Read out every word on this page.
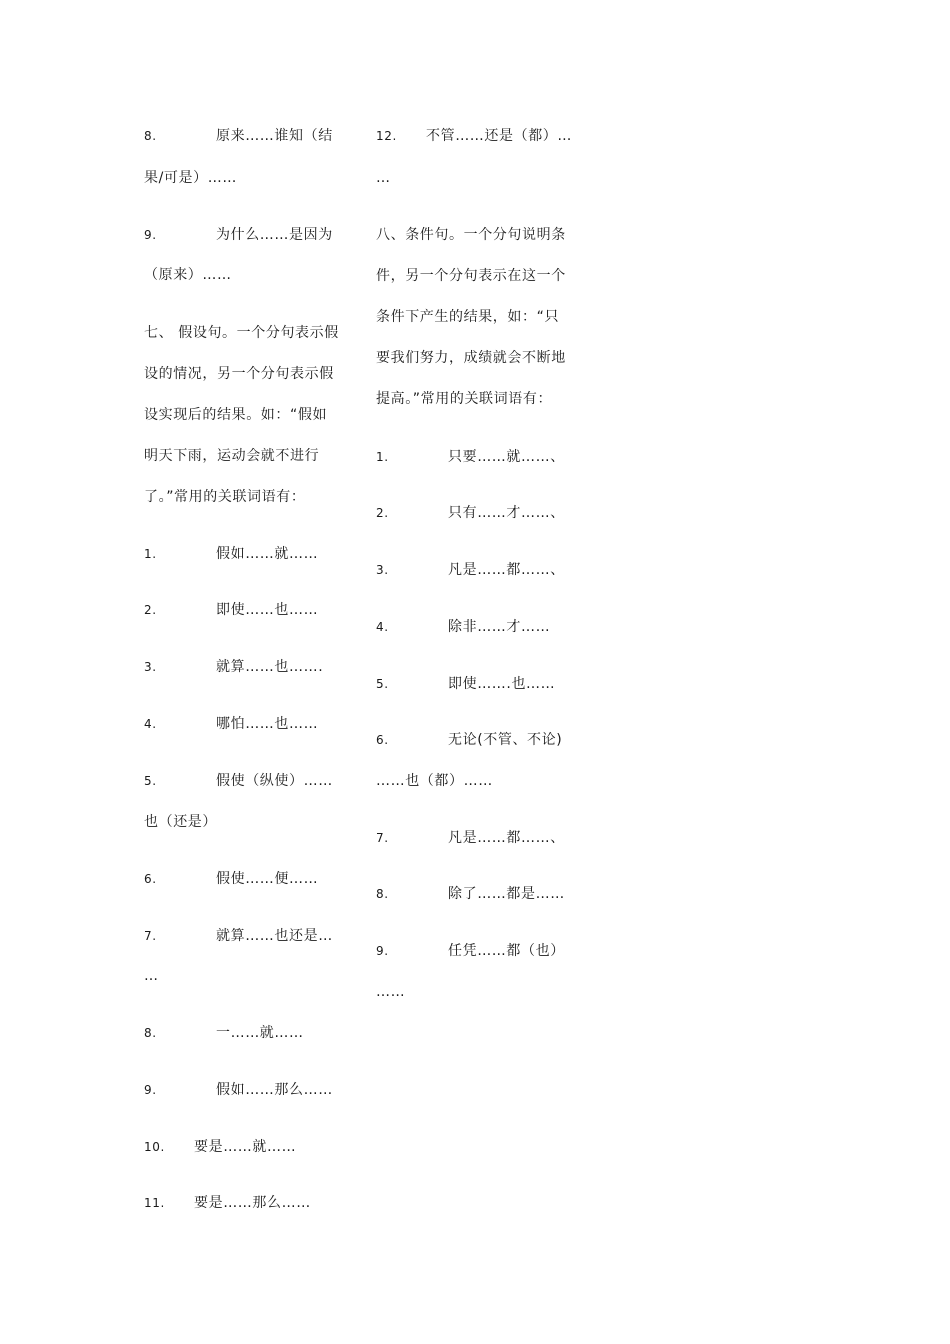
8.	原来……谁知（结
果/可是）……
9.	为什么……是因为
（原来）……
七、 假设句。一个分句表示假
设的情况，另一个分句表示假
设实现后的结果。如：“假如
明天下雨，运动会就不进行
了。”常用的关联词语有：
1.	假如……就……
2.	即使……也……
3.	就算……也…….
4.	哪怕……也……
5.	假使（纵使）……
也（还是）
6.	假使……便……
7.	就算……也还是…
…
8.	一……就……
9.	假如……那么……
10. 要是……就……
11. 要是……那么……
12. 不管……还是（都）…
…
八、条件句。一个分句说明条
件，另一个分句表示在这一个
条件下产生的结果，如：“只
要我们努力，成绩就会不断地
提高。”常用的关联词语有：
1.	只要……就……、
2.	只有……才……、
3.	凡是……都……、
4.	除非……才……
5.	即使…….也……
6.	无论(不管、不论)
……也（都）……
7.	凡是……都……、
8.	除了……都是……
9.	任凭……都（也）
……
